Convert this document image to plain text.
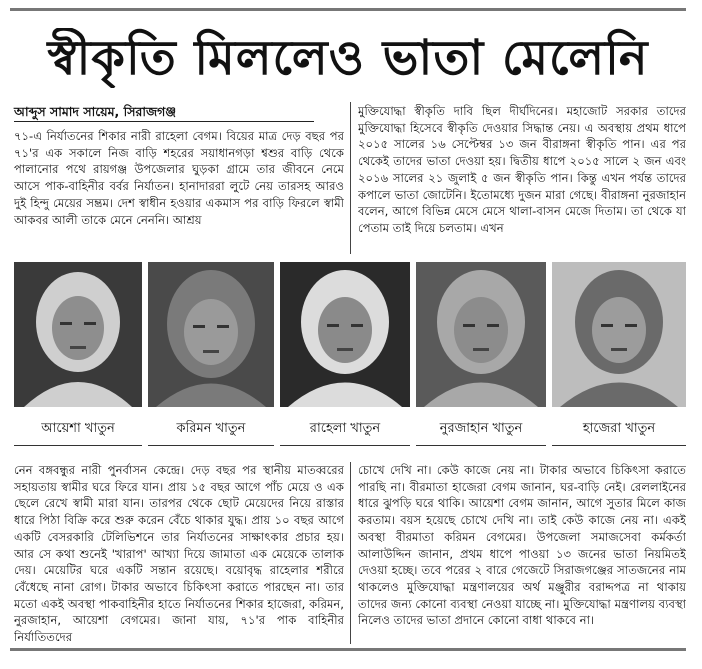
স্বীকৃতি মিললেও ভাতা মেলেনি
আব্দুস সামাদ সায়েম, সিরাজগঞ্জ
৭১-এ নির্যাতনের শিকার নারী রাহেলা বেগম। বিয়ের মাত্র দেড় বছর পর ৭১'র এক সকালে নিজ বাড়ি শহরের সয়াধানগড়া শ্বশুর বাড়ি থেকে পালানোর পথে রায়গঞ্জ উপজেলার ঘুড়কা গ্রামে তার জীবনে নেমে আসে পাক-বাহিনীর বর্বর নির্যাতন। হানাদাররা লুটে নেয় তারসহ আরও দুই হিন্দু মেয়ের সম্ভ্রম। দেশ স্বাধীন হওয়ার একমাস পর বাড়ি ফিরলে স্বামী আকবর আলী তাকে মেনে নেননি। আশ্রয়
মুক্তিযোদ্ধা স্বীকৃতি দাবি ছিল দীর্ঘদিনের। মহাজোট সরকার তাদের মুক্তিযোদ্ধা হিসেবে স্বীকৃতি দেওয়ার সিদ্ধান্ত নেয়। এ অবস্থায় প্রথম ধাপে ২০১৫ সালের ১৬ সেপ্টেম্বর ১৩ জন বীরাঙ্গনা স্বীকৃতি পান। এর পর থেকেই তাদের ভাতা দেওয়া হয়। দ্বিতীয় ধাপে ২০১৫ সালে ২ জন এবং ২০১৬ সালের ২১ জুলাই ৫ জন স্বীকৃতি পান। কিন্তু এখন পর্যন্ত তাদের কপালে ভাতা জোটেনি। ইতোমধ্যে দুজন মারা গেছে। বীরাঙ্গনা নুরজাহান বলেন, আগে বিভিন্ন মেসে মেসে থালা-বাসন মেজে দিতাম। তা থেকে যা পেতাম তাই দিয়ে চলতাম। এখন
আয়েশা খাতুন	করিমন খাতুন	রাহেলা খাতুন	নুরজাহান খাতুন	হাজেরা খাতুন
নেন বঙ্গবন্ধুর নারী পুনর্বাসন কেন্দ্রে। দেড় বছর পর স্থানীয় মাতব্বরের সহায়তায় স্বামীর ঘরে ফিরে যান। প্রায় ১৫ বছর আগে পাঁচ মেয়ে ও এক ছেলে রেখে স্বামী মারা যান। তারপর থেকে ছোট মেয়েদের নিয়ে রাস্তার ধারে পিঠা বিক্রি করে শুরু করেন বেঁচে থাকার যুদ্ধ। প্রায় ১০ বছর আগে একটি বেসরকারি টেলিভিশনে তার নির্যাতনের সাক্ষাৎকার প্রচার হয়। আর সে কথা শুনেই 'খারাপ' আখ্যা দিয়ে জামাতা এক মেয়েকে তালাক দেয়। মেয়েটির ঘরে একটি সন্তান রয়েছে। বয়োবৃদ্ধ রাহেলার শরীরে বেঁধেছে নানা রোগ। টাকার অভাবে চিকিৎসা করাতে পারছেন না। তার মতো একই অবস্থা পাকবাহিনীর হাতে নির্যাতনের শিকার হাজেরা, করিমন, নুরজাহান, আয়েশা বেগমের। জানা যায়, ৭১'র পাক বাহিনীর নির্যাতিতদের
চোখে দেখি না। কেউ কাজে নেয় না। টাকার অভাবে চিকিৎসা করাতে পারছি না। বীরমাতা হাজেরা বেগম জানান, ঘর-বাড়ি নেই। রেললাইনের ধারে ঝুপড়ি ঘরে থাকি। আয়েশা বেগম জানান, আগে সুতার মিলে কাজ করতাম। বয়স হয়েছে চোখে দেখি না। তাই কেউ কাজে নেয় না। একই অবস্থা বীরমাতা করিমন বেগমের। উপজেলা সমাজসেবা কর্মকর্তা আলাউদ্দিন জানান, প্রথম ধাপে পাওয়া ১৩ জনের ভাতা নিয়মিতই দেওয়া হচ্ছে। তবে পরের ২ বারে গেজেটে সিরাজগঞ্জের সাতজনের নাম থাকলেও মুক্তিযোদ্ধা মন্ত্রণালয়ের অর্থ মঞ্জুরীর বরাদ্দপত্র না থাকায় তাদের জন্য কোনো ব্যবস্থা নেওয়া যাচ্ছে না। মুক্তিযোদ্ধা মন্ত্রণালয় ব্যবস্থা নিলেও তাদের ভাতা প্রদানে কোনো বাধা থাকবে না।
